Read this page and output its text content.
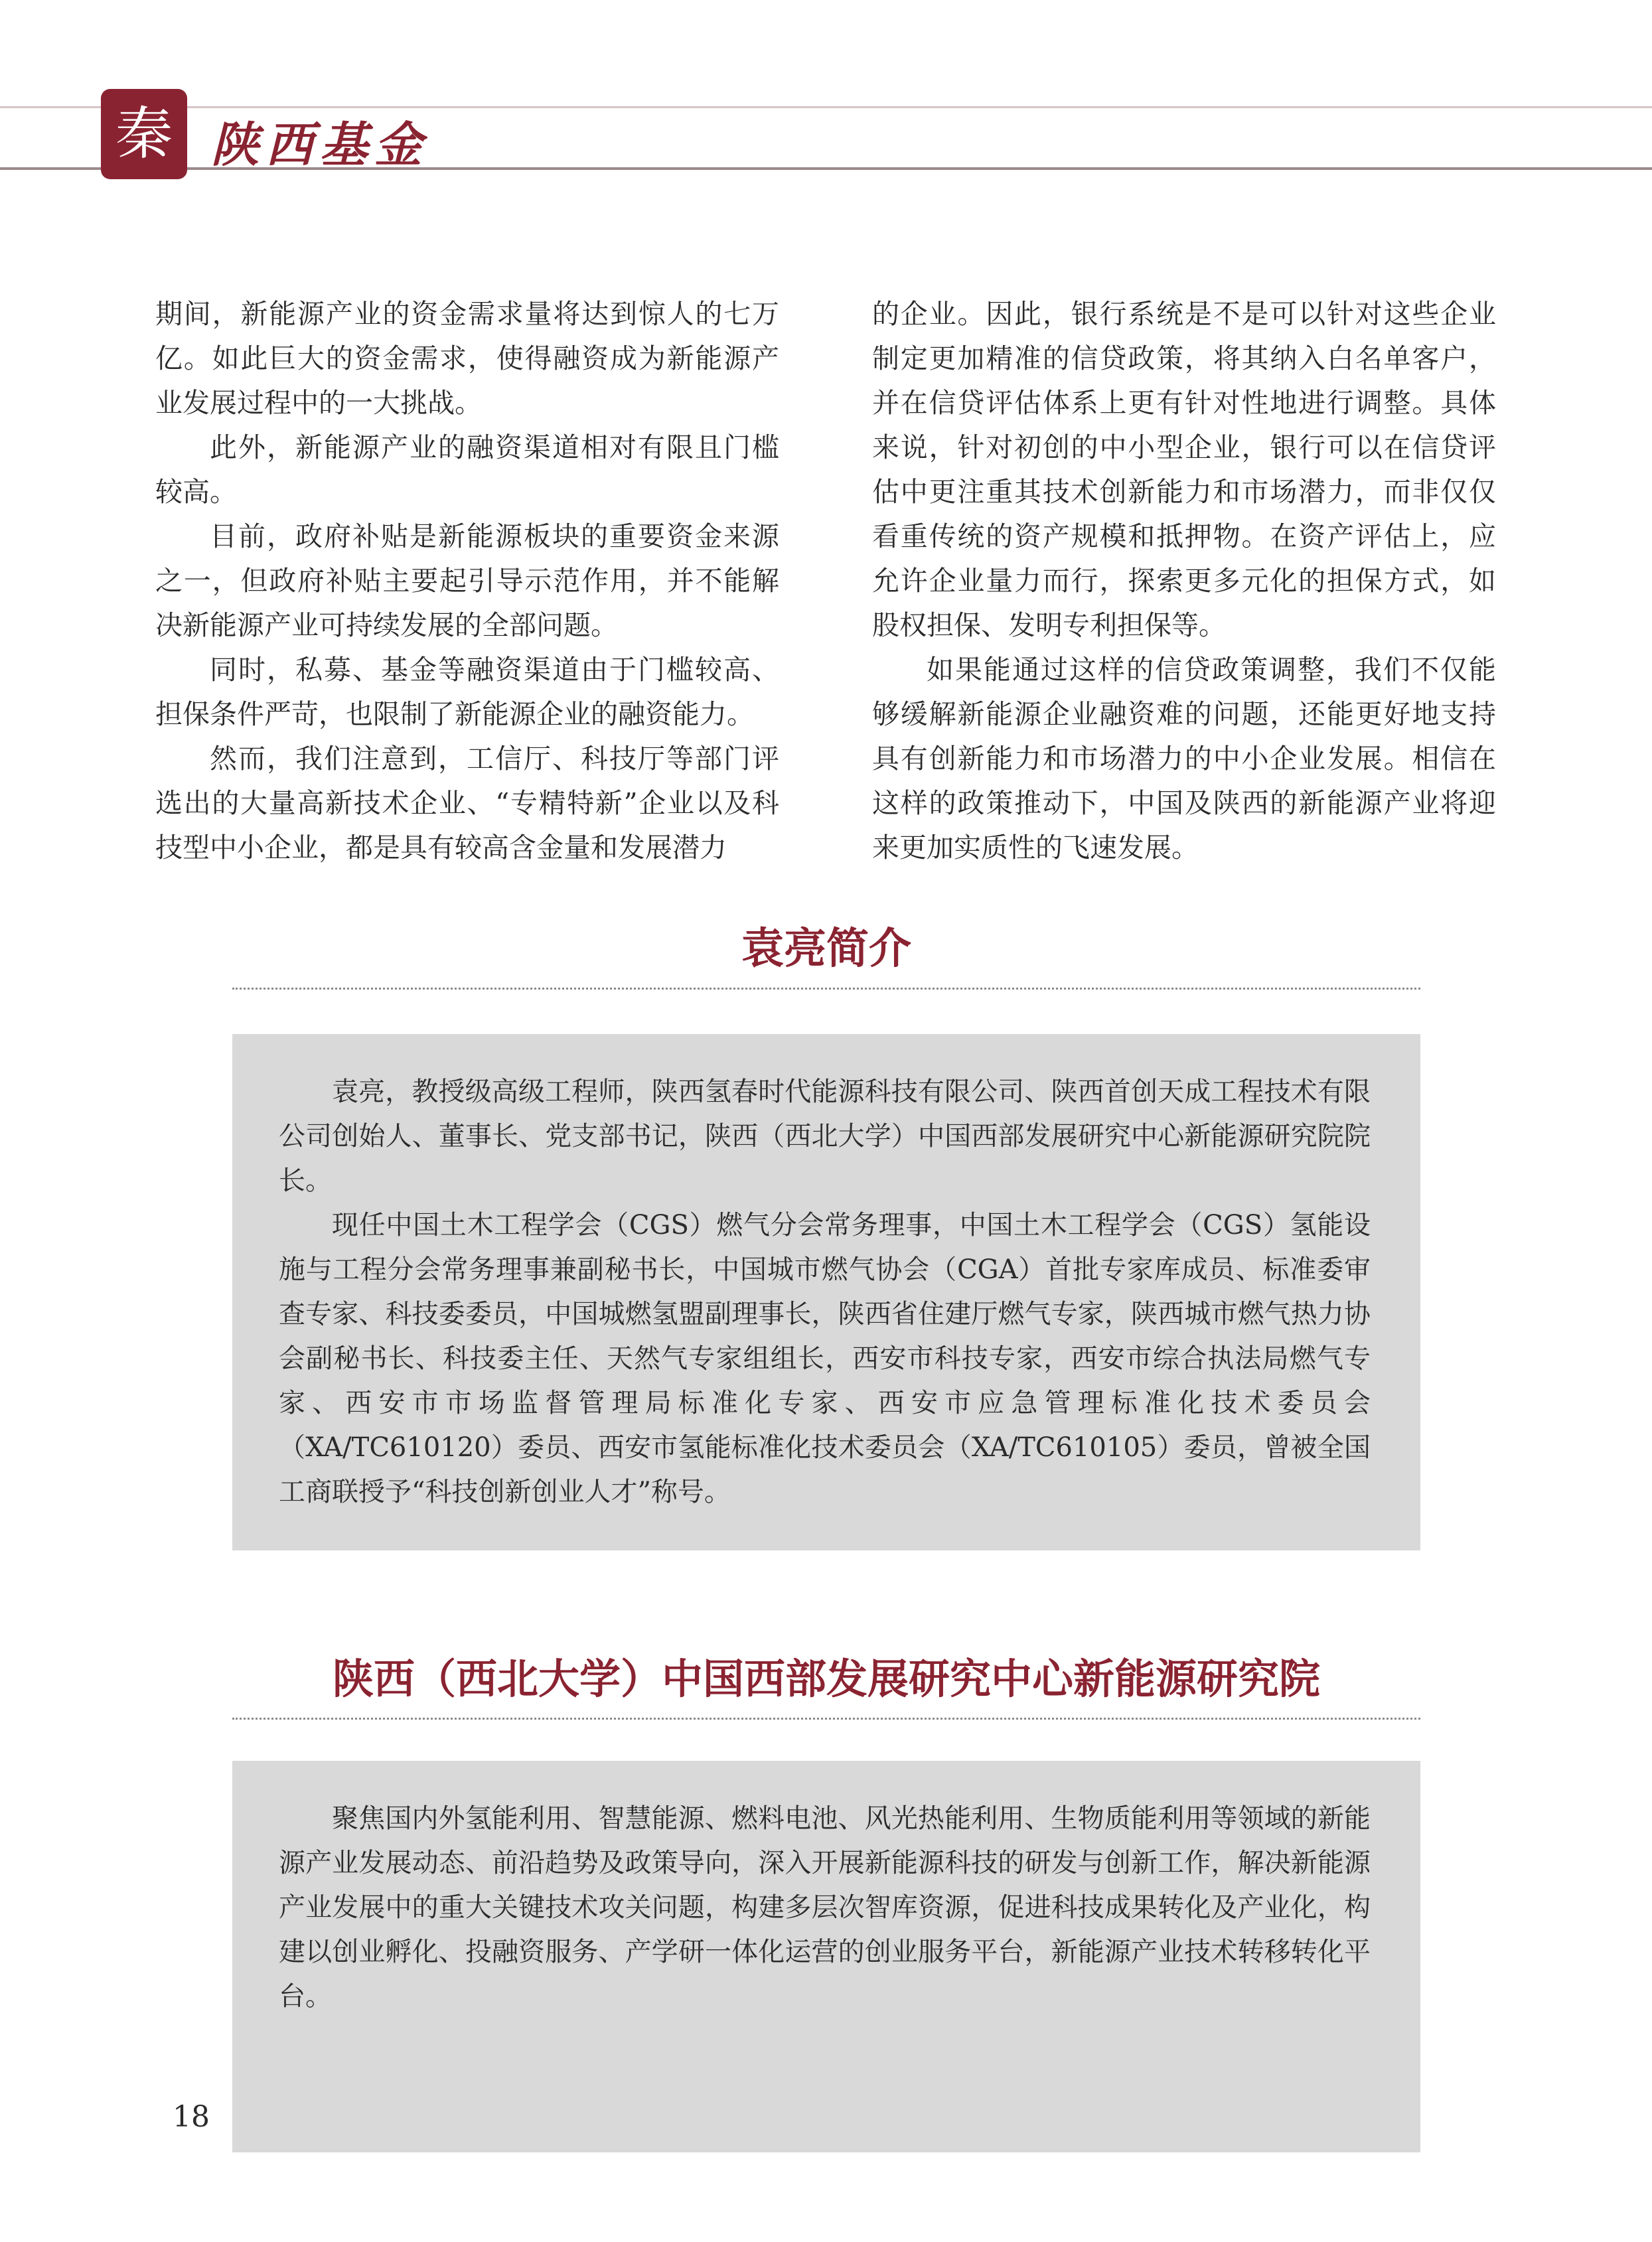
秦 陕西基金

期间，新能源产业的资金需求量将达到惊人的七万亿。如此巨大的资金需求，使得融资成为新能源产业发展过程中的一大挑战。

此外，新能源产业的融资渠道相对有限且门槛较高。

目前，政府补贴是新能源板块的重要资金来源之一，但政府补贴主要起引导示范作用，并不能解决新能源产业可持续发展的全部问题。

同时，私募、基金等融资渠道由于门槛较高、担保条件严苛，也限制了新能源企业的融资能力。

然而，我们注意到，工信厅、科技厅等部门评选出的大量高新技术企业、“专精特新”企业以及科技型中小企业，都是具有较高含金量和发展潜力

的企业。因此，银行系统是不是可以针对这些企业制定更加精准的信贷政策，将其纳入白名单客户，并在信贷评估体系上更有针对性地进行调整。具体来说，针对初创的中小型企业，银行可以在信贷评估中更注重其技术创新能力和市场潜力，而非仅仅看重传统的资产规模和抵押物。在资产评估上，应允许企业量力而行，探索更多元化的担保方式，如股权担保、发明专利担保等。

如果能通过这样的信贷政策调整，我们不仅能够缓解新能源企业融资难的问题，还能更好地支持具有创新能力和市场潜力的中小企业发展。相信在这样的政策推动下，中国及陕西的新能源产业将迎来更加实质性的飞速发展。

袁亮简介

袁亮，教授级高级工程师，陕西氢春时代能源科技有限公司、陕西首创天成工程技术有限公司创始人、董事长、党支部书记，陕西（西北大学）中国西部发展研究中心新能源研究院院长。

现任中国土木工程学会（CGS）燃气分会常务理事，中国土木工程学会（CGS）氢能设施与工程分会常务理事兼副秘书长，中国城市燃气协会（CGA）首批专家库成员、标准委审查专家、科技委委员，中国城燃氢盟副理事长，陕西省住建厅燃气专家，陕西城市燃气热力协会副秘书长、科技委主任、天然气专家组组长，西安市科技专家，西安市综合执法局燃气专家、西安市市场监督管理局标准化专家、西安市应急管理标准化技术委员会（XA/TC610120）委员、西安市氢能标准化技术委员会（XA/TC610105）委员，曾被全国工商联授予“科技创新创业人才”称号。

陕西（西北大学）中国西部发展研究中心新能源研究院

聚焦国内外氢能利用、智慧能源、燃料电池、风光热能利用、生物质能利用等领域的新能源产业发展动态、前沿趋势及政策导向，深入开展新能源科技的研发与创新工作，解决新能源产业发展中的重大关键技术攻关问题，构建多层次智库资源，促进科技成果转化及产业化，构建以创业孵化、投融资服务、产学研一体化运营的创业服务平台，新能源产业技术转移转化平台。

18
